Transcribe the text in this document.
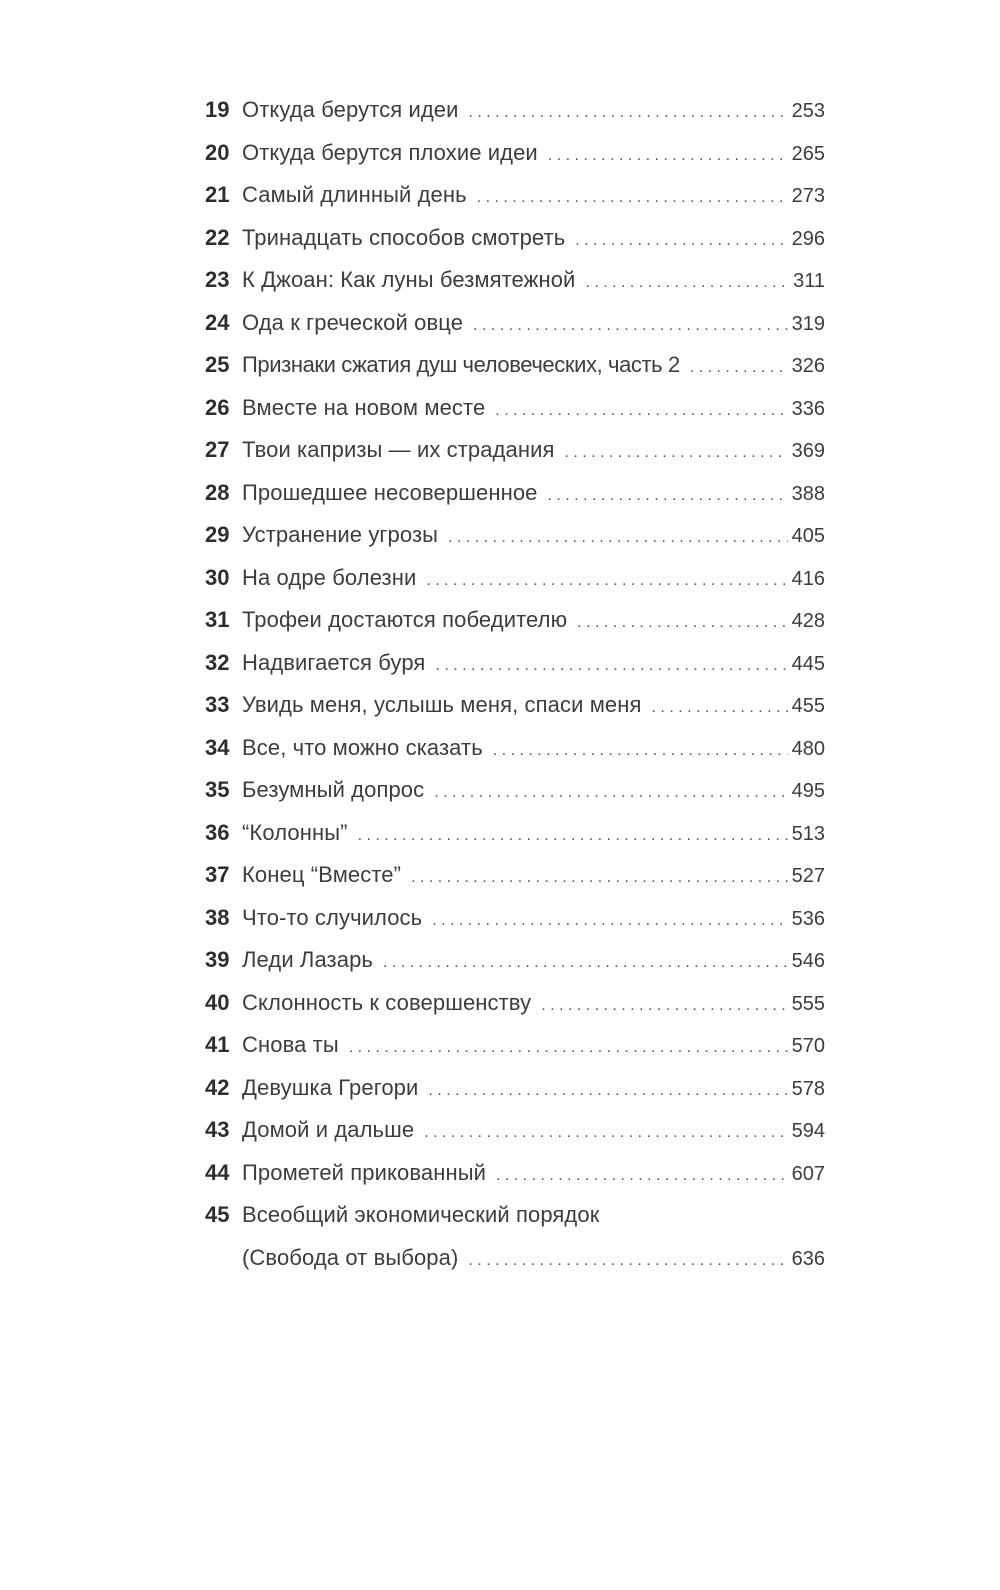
19 Откуда берутся идеи . . .	253
20 Откуда берутся плохие идеи . . .	265
21 Самый длинный день . . .	273
22 Тринадцать способов смотреть . . .	296
23 К Джоан: Как луны безмятежной . . .	311
24 Ода к греческой овце . . .	319
25 Признаки сжатия душ человеческих, часть 2 . . .	326
26 Вместе на новом месте . . .	336
27 Твои капризы — их страдания . . .	369
28 Прошедшее несовершенное . . .	388
29 Устранение угрозы . . .	405
30 На одре болезни . . .	416
31 Трофеи достаются победителю . . .	428
32 Надвигается буря . . .	445
33 Увидь меня, услышь меня, спаси меня . . .	455
34 Все, что можно сказать . . .	480
35 Безумный допрос . . .	495
36 “Колонны” . . .	513
37 Конец “Вместе” . . .	527
38 Что-то случилось . . .	536
39 Леди Лазарь . . .	546
40 Склонность к совершенству . . .	555
41 Снова ты . . .	570
42 Девушка Грегори . . .	578
43 Домой и дальше . . .	594
44 Прометей прикованный . . .	607
45 Всеобщий экономический порядок
(Свобода от выбора) . . .	636
